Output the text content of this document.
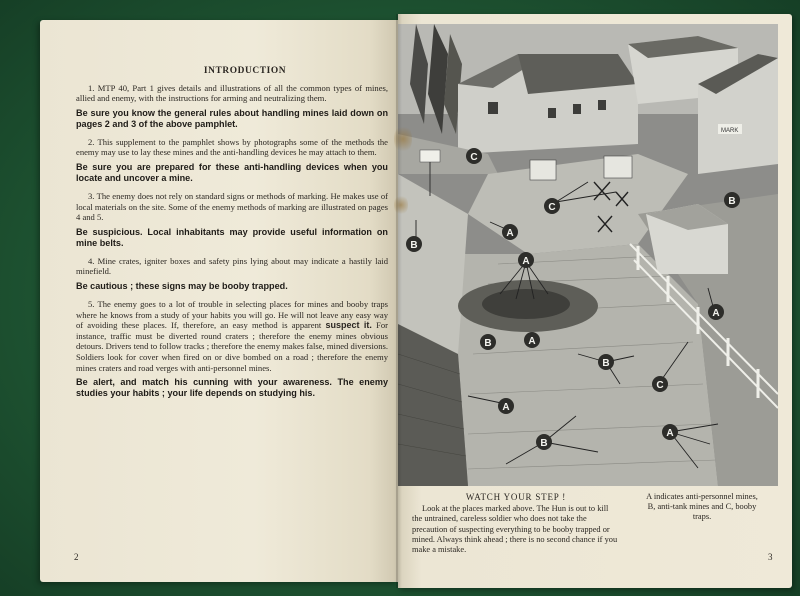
INTRODUCTION

1. MTP 40, Part 1 gives details and illustrations of all the common types of mines, allied and enemy, with the instructions for arming and neutralizing them.

Be sure you know the general rules about handling mines laid down on pages 2 and 3 of the above pamphlet.

2. This supplement to the pamphlet shows by photographs some of the methods the enemy may use to lay these mines and the anti-handling devices he may attach to them.

Be sure you are prepared for these anti-handling devices when you locate and uncover a mine.

3. The enemy does not rely on standard signs or methods of marking. He makes use of local materials on the site. Some of the enemy methods of marking are illustrated on pages 4 and 5.

Be suspicious. Local inhabitants may provide useful information on mine belts.

4. Mine crates, igniter boxes and safety pins lying about may indicate a hastily laid minefield.

Be cautious ; these signs may be booby trapped.

5. The enemy goes to a lot of trouble in selecting places for mines and booby traps where he knows from a study of your habits you will go. He will not leave any easy way of avoiding these places. If, therefore, an easy method is apparent suspect it. For instance, traffic must be diverted round craters ; therefore the enemy mines obvious detours. Drivers tend to follow tracks ; therefore the enemy makes false, mined diversions. Soldiers look for cover when fired on or dive bombed on a road ; therefore the enemy mines craters and road verges with anti-personnel mines.

Be alert, and match his cunning with your awareness. The enemy studies your habits ; your life depends on studying his.

2
MARK
C
C
B
A
B
A
A
B	A
B
C
A
B
A
WATCH YOUR STEP !

Look at the places marked above. The Hun is out to kill the untrained, careless soldier who does not take the precaution of suspecting everything to be booby trapped or mined. Always think ahead ; there is no second chance if you make a mistake.

A indicates anti-personnel mines, B, anti-tank mines and C, booby traps.
3
